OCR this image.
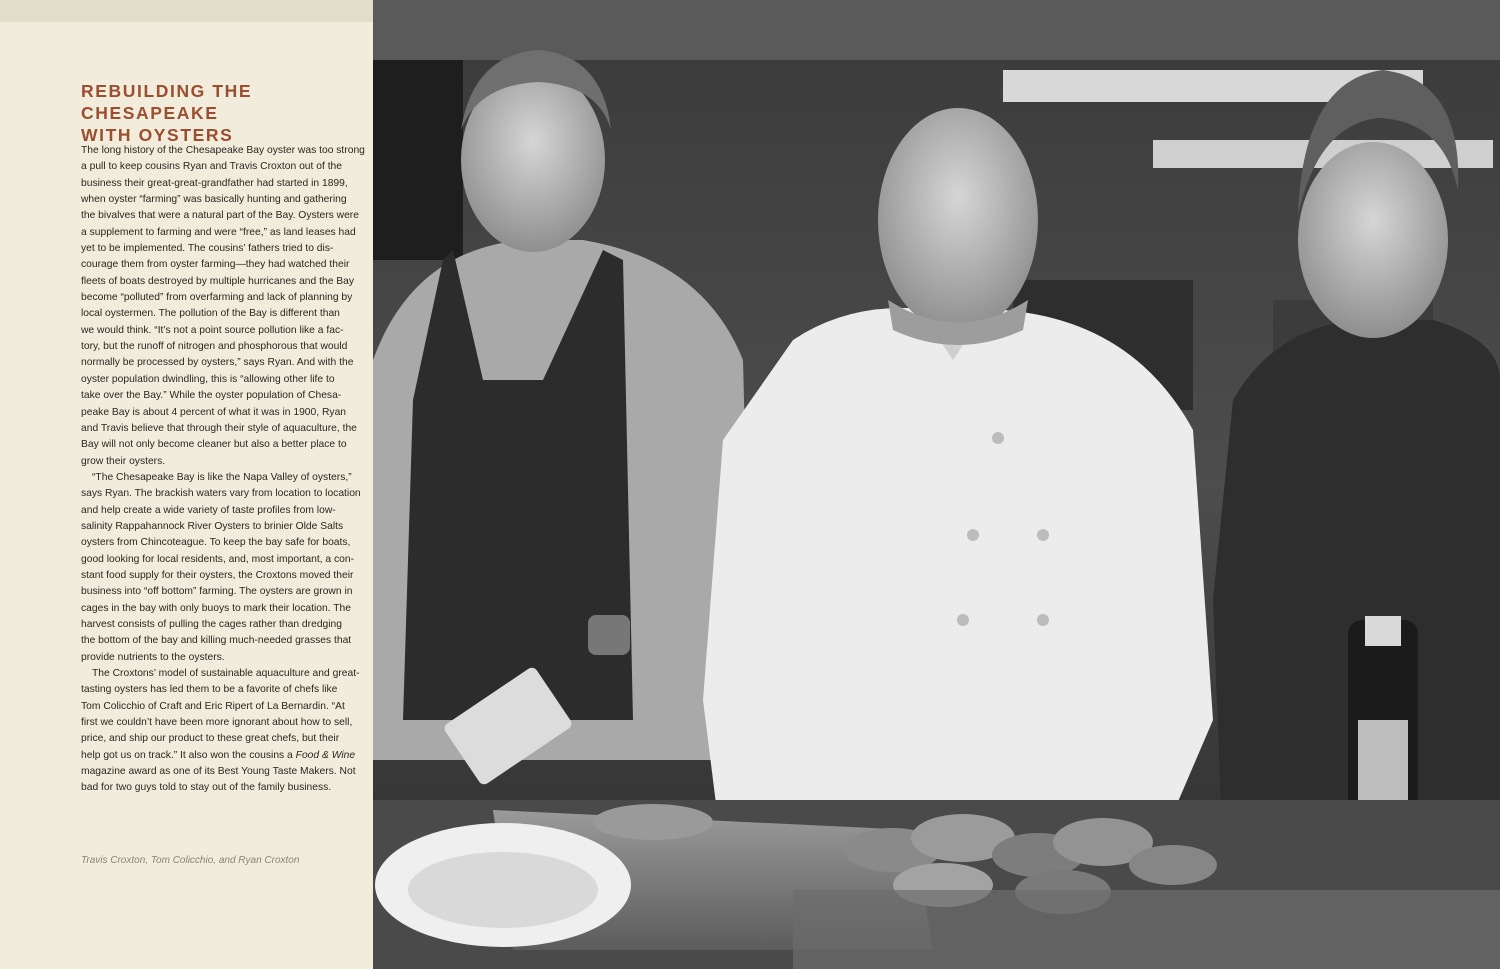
REBUILDING THE CHESAPEAKE
WITH OYSTERS
The long history of the Chesapeake Bay oyster was too strong
a pull to keep cousins Ryan and Travis Croxton out of the
business their great-great-grandfather had started in 1899,
when oyster “farming” was basically hunting and gathering
the bivalves that were a natural part of the Bay. Oysters were
a supplement to farming and were “free,” as land leases had
yet to be implemented. The cousins’ fathers tried to dis-
courage them from oyster farming—they had watched their
fleets of boats destroyed by multiple hurricanes and the Bay
become “polluted” from overfarming and lack of planning by
local oystermen. The pollution of the Bay is different than
we would think. “It’s not a point source pollution like a fac-
tory, but the runoff of nitrogen and phosphorous that would
normally be processed by oysters,” says Ryan. And with the
oyster population dwindling, this is “allowing other life to
take over the Bay.” While the oyster population of Chesa-
peake Bay is about 4 percent of what it was in 1900, Ryan
and Travis believe that through their style of aquaculture, the
Bay will not only become cleaner but also a better place to
grow their oysters.
“The Chesapeake Bay is like the Napa Valley of oysters,”
says Ryan. The brackish waters vary from location to location
and help create a wide variety of taste profiles from low-
salinity Rappahannock River Oysters to brinier Olde Salts
oysters from Chincoteague. To keep the bay safe for boats,
good looking for local residents, and, most important, a con-
stant food supply for their oysters, the Croxtons moved their
business into “off bottom” farming. The oysters are grown in
cages in the bay with only buoys to mark their location. The
harvest consists of pulling the cages rather than dredging
the bottom of the bay and killing much-needed grasses that
provide nutrients to the oysters.
The Croxtons’ model of sustainable aquaculture and great-
tasting oysters has led them to be a favorite of chefs like
Tom Colicchio of Craft and Eric Ripert of La Bernardin. “At
first we couldn’t have been more ignorant about how to sell,
price, and ship our product to these great chefs, but their
help got us on track.” It also won the cousins a Food & Wine
magazine award as one of its Best Young Taste Makers. Not
bad for two guys told to stay out of the family business.
Travis Croxton, Tom Colicchio, and Ryan Croxton
